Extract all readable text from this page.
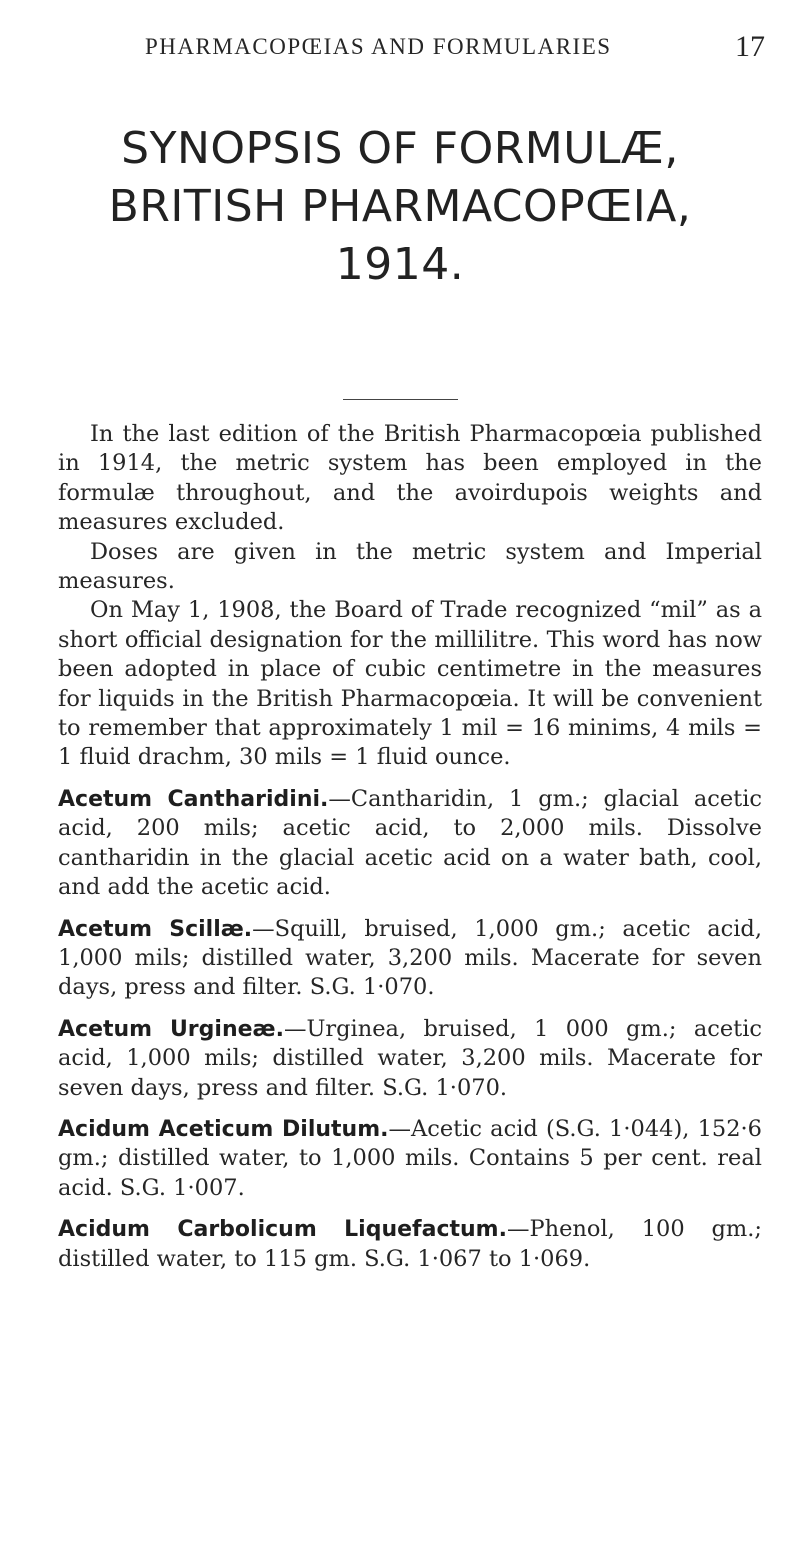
PHARMACOPŒIAS AND FORMULARIES	17
SYNOPSIS OF FORMULÆ,
BRITISH PHARMACOPŒIA,
1914.

In the last edition of the British Pharmacopœia published in 1914, the metric system has been employed in the formulæ throughout, and the avoirdupois weights and measures excluded.

Doses are given in the metric system and Imperial measures.

On May 1, 1908, the Board of Trade recognized “mil” as a short official designation for the millilitre. This word has now been adopted in place of cubic centimetre in the measures for liquids in the British Pharmacopœia. It will be convenient to remember that approximately 1 mil = 16 minims, 4 mils = 1 fluid drachm, 30 mils = 1 fluid ounce.

Acetum Cantharidini.—Cantharidin, 1 gm.; glacial acetic acid, 200 mils; acetic acid, to 2,000 mils. Dissolve cantharidin in the glacial acetic acid on a water bath, cool, and add the acetic acid.

Acetum Scillæ.—Squill, bruised, 1,000 gm.; acetic acid, 1,000 mils; distilled water, 3,200 mils. Macerate for seven days, press and filter. S.G. 1·070.

Acetum Urgineæ.—Urginea, bruised, 1 000 gm.; acetic acid, 1,000 mils; distilled water, 3,200 mils. Macerate for seven days, press and filter. S.G. 1·070.

Acidum Aceticum Dilutum.—Acetic acid (S.G. 1·044), 152·6 gm.; distilled water, to 1,000 mils. Contains 5 per cent. real acid. S.G. 1·007.

Acidum Carbolicum Liquefactum.—Phenol, 100 gm.; distilled water, to 115 gm. S.G. 1·067 to 1·069.
